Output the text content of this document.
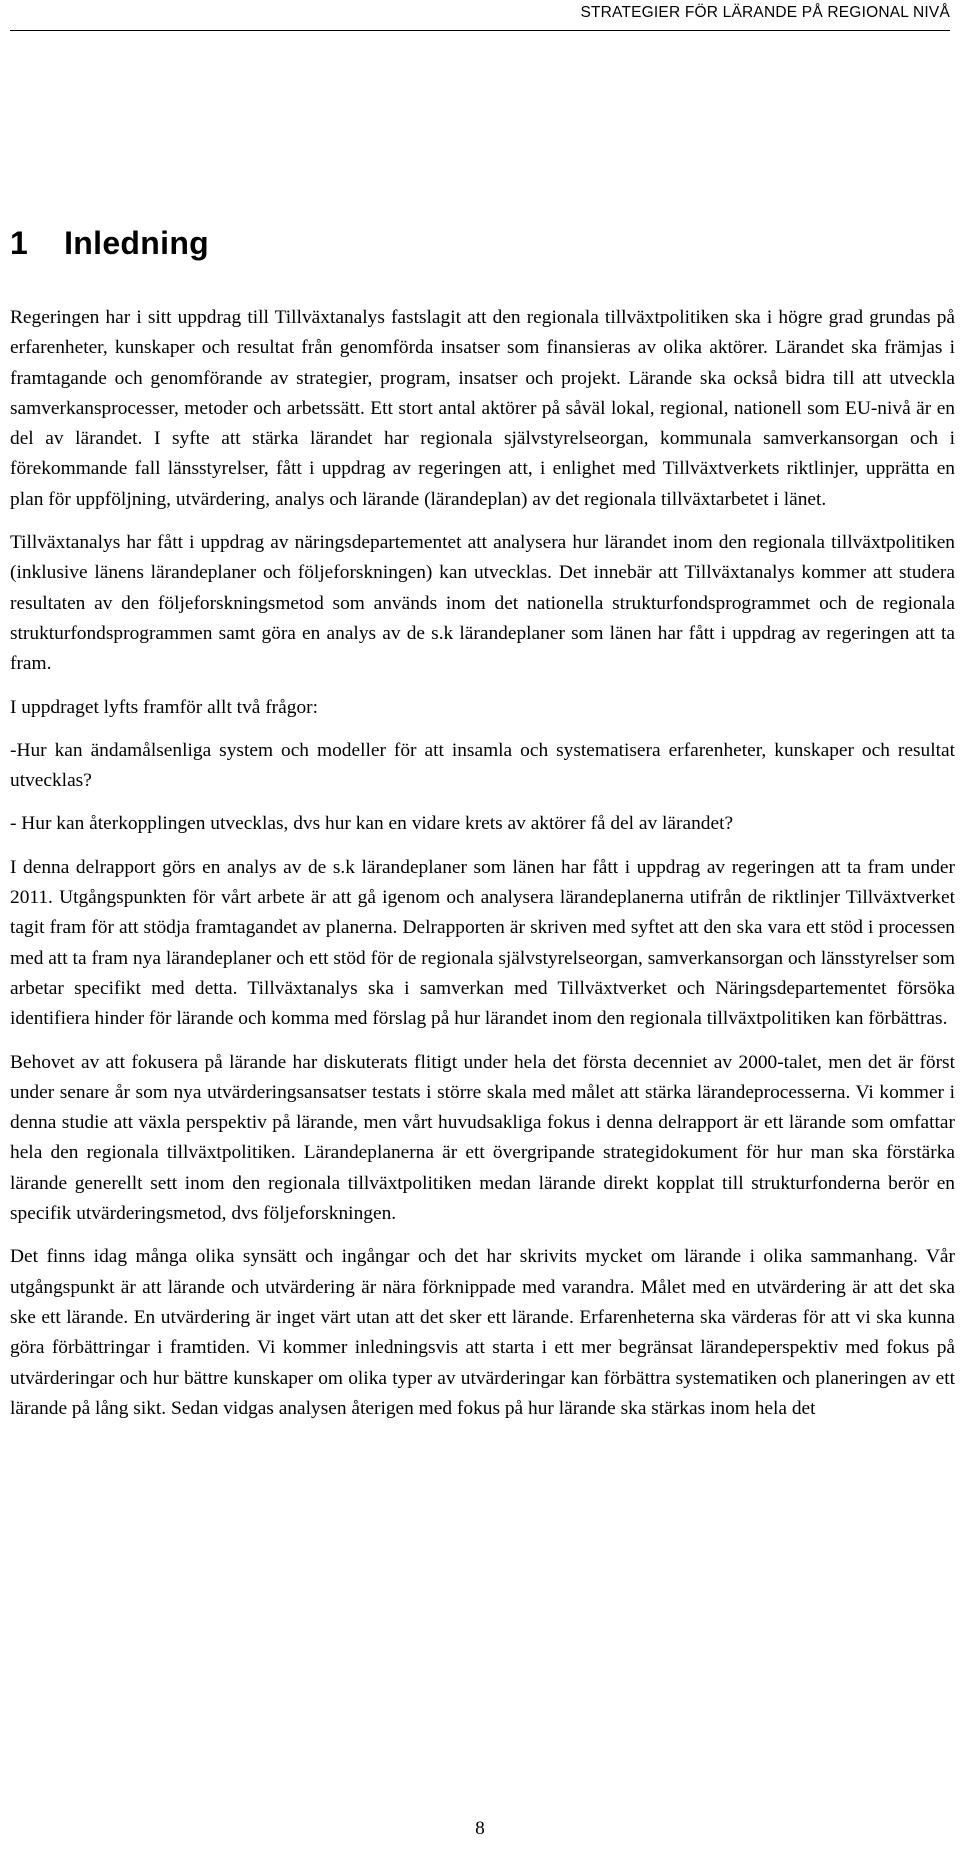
STRATEGIER FÖR LÄRANDE PÅ REGIONAL NIVÅ
1 Inledning

Regeringen har i sitt uppdrag till Tillväxtanalys fastslagit att den regionala tillväxtpolitiken ska i högre grad grundas på erfarenheter, kunskaper och resultat från genomförda insatser som finansieras av olika aktörer. Lärandet ska främjas i framtagande och genomförande av strategier, program, insatser och projekt. Lärande ska också bidra till att utveckla samverkansprocesser, metoder och arbetssätt. Ett stort antal aktörer på såväl lokal, regional, nationell som EU-nivå är en del av lärandet. I syfte att stärka lärandet har regionala självstyrelseorgan, kommunala samverkansorgan och i förekommande fall länsstyrelser, fått i uppdrag av regeringen att, i enlighet med Tillväxtverkets riktlinjer, upprätta en plan för uppföljning, utvärdering, analys och lärande (lärandeplan) av det regionala tillväxtarbetet i länet.

Tillväxtanalys har fått i uppdrag av näringsdepartementet att analysera hur lärandet inom den regionala tillväxtpolitiken (inklusive länens lärandeplaner och följeforskningen) kan utvecklas. Det innebär att Tillväxtanalys kommer att studera resultaten av den följeforskningsmetod som används inom det nationella strukturfondsprogrammet och de regionala strukturfondsprogrammen samt göra en analys av de s.k lärandeplaner som länen har fått i uppdrag av regeringen att ta fram.

I uppdraget lyfts framför allt två frågor:

-Hur kan ändamålsenliga system och modeller för att insamla och systematisera erfarenheter, kunskaper och resultat utvecklas?

- Hur kan återkopplingen utvecklas, dvs hur kan en vidare krets av aktörer få del av lärandet?

I denna delrapport görs en analys av de s.k lärandeplaner som länen har fått i uppdrag av regeringen att ta fram under 2011. Utgångspunkten för vårt arbete är att gå igenom och analysera lärandeplanerna utifrån de riktlinjer Tillväxtverket tagit fram för att stödja framtagandet av planerna. Delrapporten är skriven med syftet att den ska vara ett stöd i processen med att ta fram nya lärandeplaner och ett stöd för de regionala självstyrelseorgan, samverkansorgan och länsstyrelser som arbetar specifikt med detta. Tillväxtanalys ska i samverkan med Tillväxtverket och Näringsdepartementet försöka identifiera hinder för lärande och komma med förslag på hur lärandet inom den regionala tillväxtpolitiken kan förbättras.

Behovet av att fokusera på lärande har diskuterats flitigt under hela det första decenniet av 2000-talet, men det är först under senare år som nya utvärderingsansatser testats i större skala med målet att stärka lärandeprocesserna. Vi kommer i denna studie att växla perspektiv på lärande, men vårt huvudsakliga fokus i denna delrapport är ett lärande som omfattar hela den regionala tillväxtpolitiken. Lärandeplanerna är ett övergripande strategidokument för hur man ska förstärka lärande generellt sett inom den regionala tillväxtpolitiken medan lärande direkt kopplat till strukturfonderna berör en specifik utvärderingsmetod, dvs följeforskningen.

Det finns idag många olika synsätt och ingångar och det har skrivits mycket om lärande i olika sammanhang. Vår utgångspunkt är att lärande och utvärdering är nära förknippade med varandra. Målet med en utvärdering är att det ska ske ett lärande. En utvärdering är inget värt utan att det sker ett lärande. Erfarenheterna ska värderas för att vi ska kunna göra förbättringar i framtiden. Vi kommer inledningsvis att starta i ett mer begränsat lärandeperspektiv med fokus på utvärderingar och hur bättre kunskaper om olika typer av utvärderingar kan förbättra systematiken och planeringen av ett lärande på lång sikt. Sedan vidgas analysen återigen med fokus på hur lärande ska stärkas inom hela det

8
